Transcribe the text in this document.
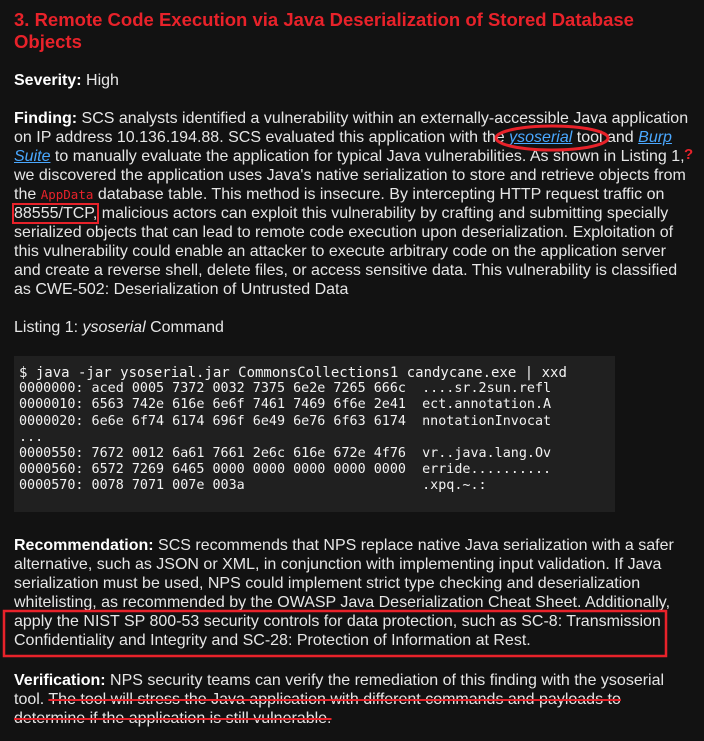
3. Remote Code Execution via Java Deserialization of Stored Database Objects

Severity: High

Finding: SCS analysts identified a vulnerability within an externally-accessible Java application on IP address 10.136.194.88. SCS evaluated this application with the ysoserial tool and Burp Suite to manually evaluate the application for typical Java vulnerabilities. As shown in Listing 1, we discovered the application uses Java's native serialization to store and retrieve objects from the AppData database table. This method is insecure. By intercepting HTTP request traffic on 88555/TCP, malicious actors can exploit this vulnerability by crafting and submitting specially serialized objects that can lead to remote code execution upon deserialization. Exploitation of this vulnerability could enable an attacker to execute arbitrary code on the application server and create a reverse shell, delete files, or access sensitive data. This vulnerability is classified as CWE-502: Deserialization of Untrusted Data

Listing 1: ysoserial Command

$ java -jar ysoserial.jar CommonsCollections1 candycane.exe | xxd
0000000: aced 0005 7372 0032 7375 6e2e 7265 666c  ....sr.2sun.refl
0000010: 6563 742e 616e 6e6f 7461 7469 6f6e 2e41  ect.annotation.A
0000020: 6e6e 6f74 6174 696f 6e49 6e76 6f63 6174  nnotationInvocat
...
0000550: 7672 0012 6a61 7661 2e6c 616e 672e 4f76  vr..java.lang.Ov
0000560: 6572 7269 6465 0000 0000 0000 0000 0000  erride..........
0000570: 0078 7071 007e 003a                      .xpq.~.:

Recommendation: SCS recommends that NPS replace native Java serialization with a safer alternative, such as JSON or XML, in conjunction with implementing input validation. If Java serialization must be used, NPS could implement strict type checking and deserialization whitelisting, as recommended by the OWASP Java Deserialization Cheat Sheet. Additionally, apply the NIST SP 800-53 security controls for data protection, such as SC-8: Transmission Confidentiality and Integrity and SC-28: Protection of Information at Rest.

Verification: NPS security teams can verify the remediation of this finding with the ysoserial tool. The tool will stress the Java application with different commands and payloads to determine if the application is still vulnerable.

?
